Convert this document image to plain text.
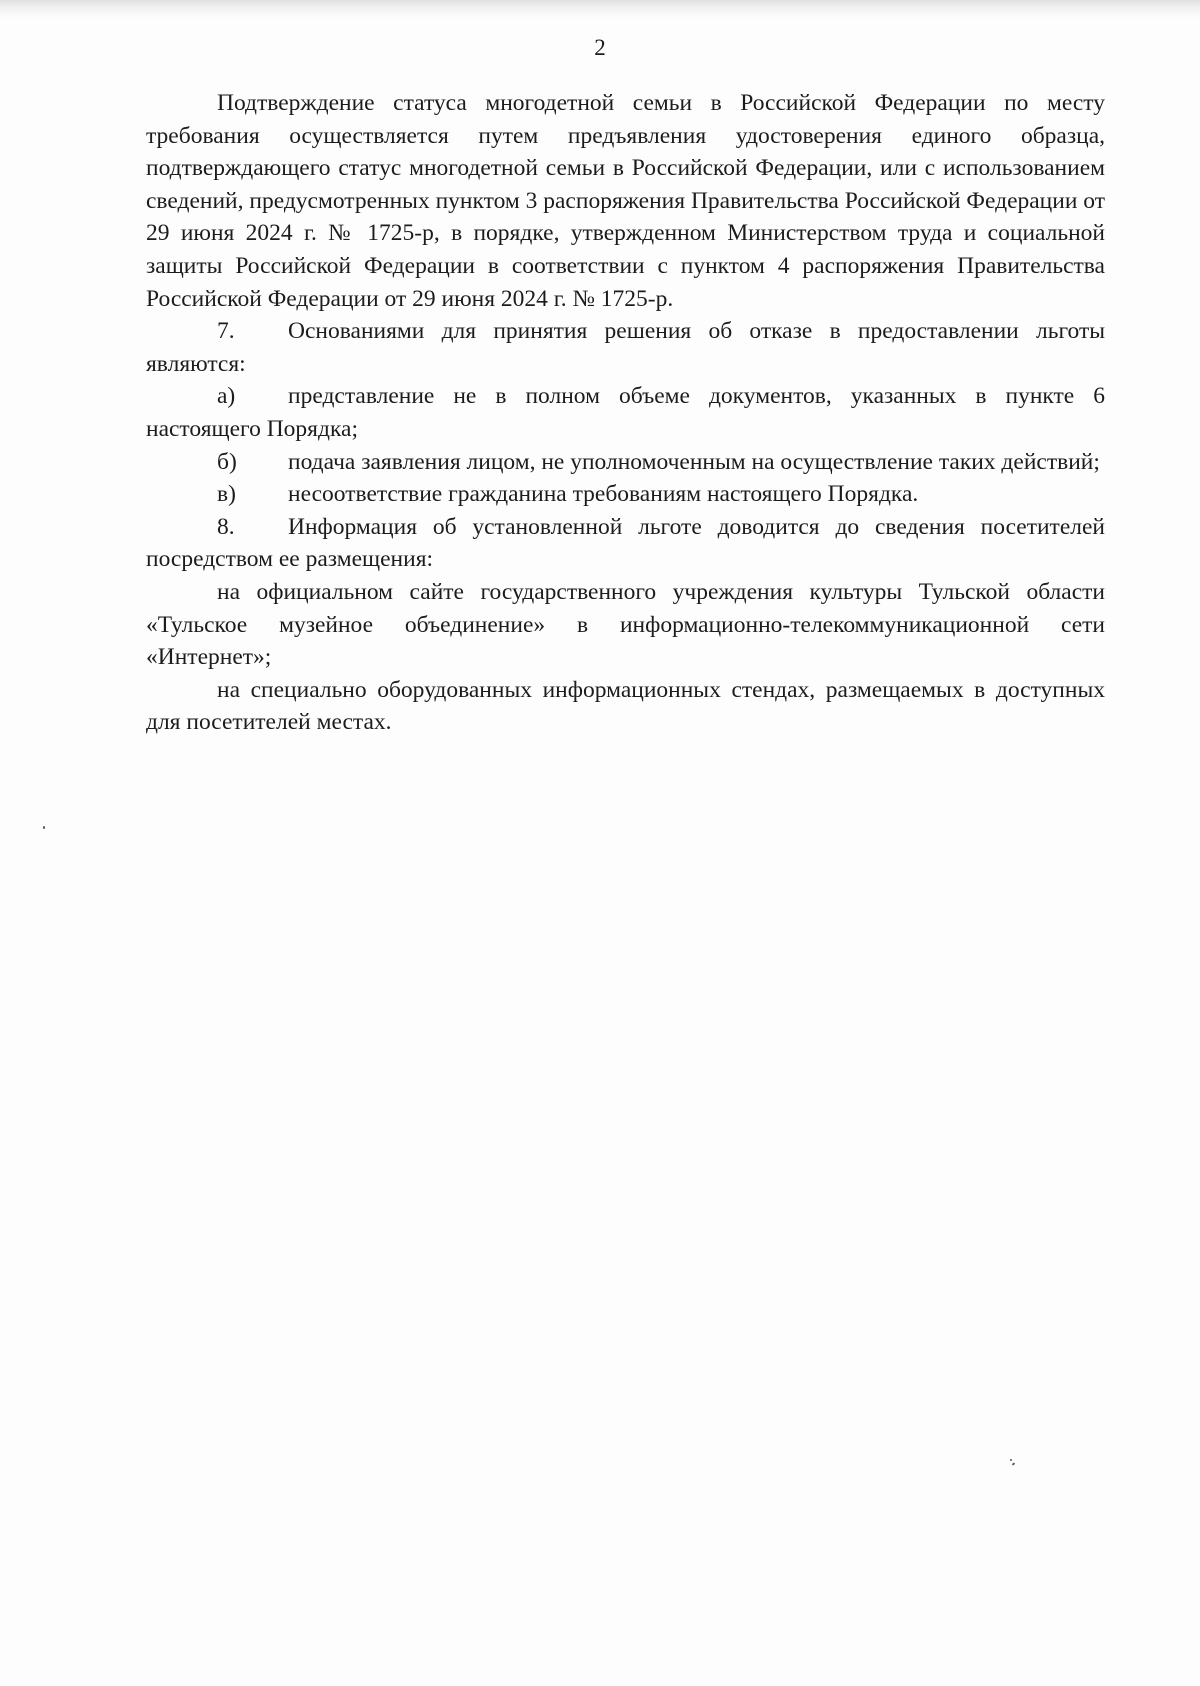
2

Подтверждение статуса многодетной семьи в Российской Федерации по месту требования осуществляется путем предъявления удостоверения единого образца, подтверждающего статус многодетной семьи в Российской Федерации, или с использованием сведений, предусмотренных пунктом 3 распоряжения Правительства Российской Федерации от 29 июня 2024 г. № 1725-р, в порядке, утвержденном Министерством труда и социальной защиты Российской Федерации в соответствии с пунктом 4 распоряжения Правительства Российской Федерации от 29 июня 2024 г. № 1725-р.

7. Основаниями для принятия решения об отказе в предоставлении льготы являются:

а) представление не в полном объеме документов, указанных в пункте 6 настоящего Порядка;

б) подача заявления лицом, не уполномоченным на осуществление таких действий;

в) несоответствие гражданина требованиям настоящего Порядка.

8. Информация об установленной льготе доводится до сведения посетителей посредством ее размещения:

на официальном сайте государственного учреждения культуры Тульской области «Тульское музейное объединение» в информационно-телекоммуникационной сети «Интернет»;

на специально оборудованных информационных стендах, размещаемых в доступных для посетителей местах.
